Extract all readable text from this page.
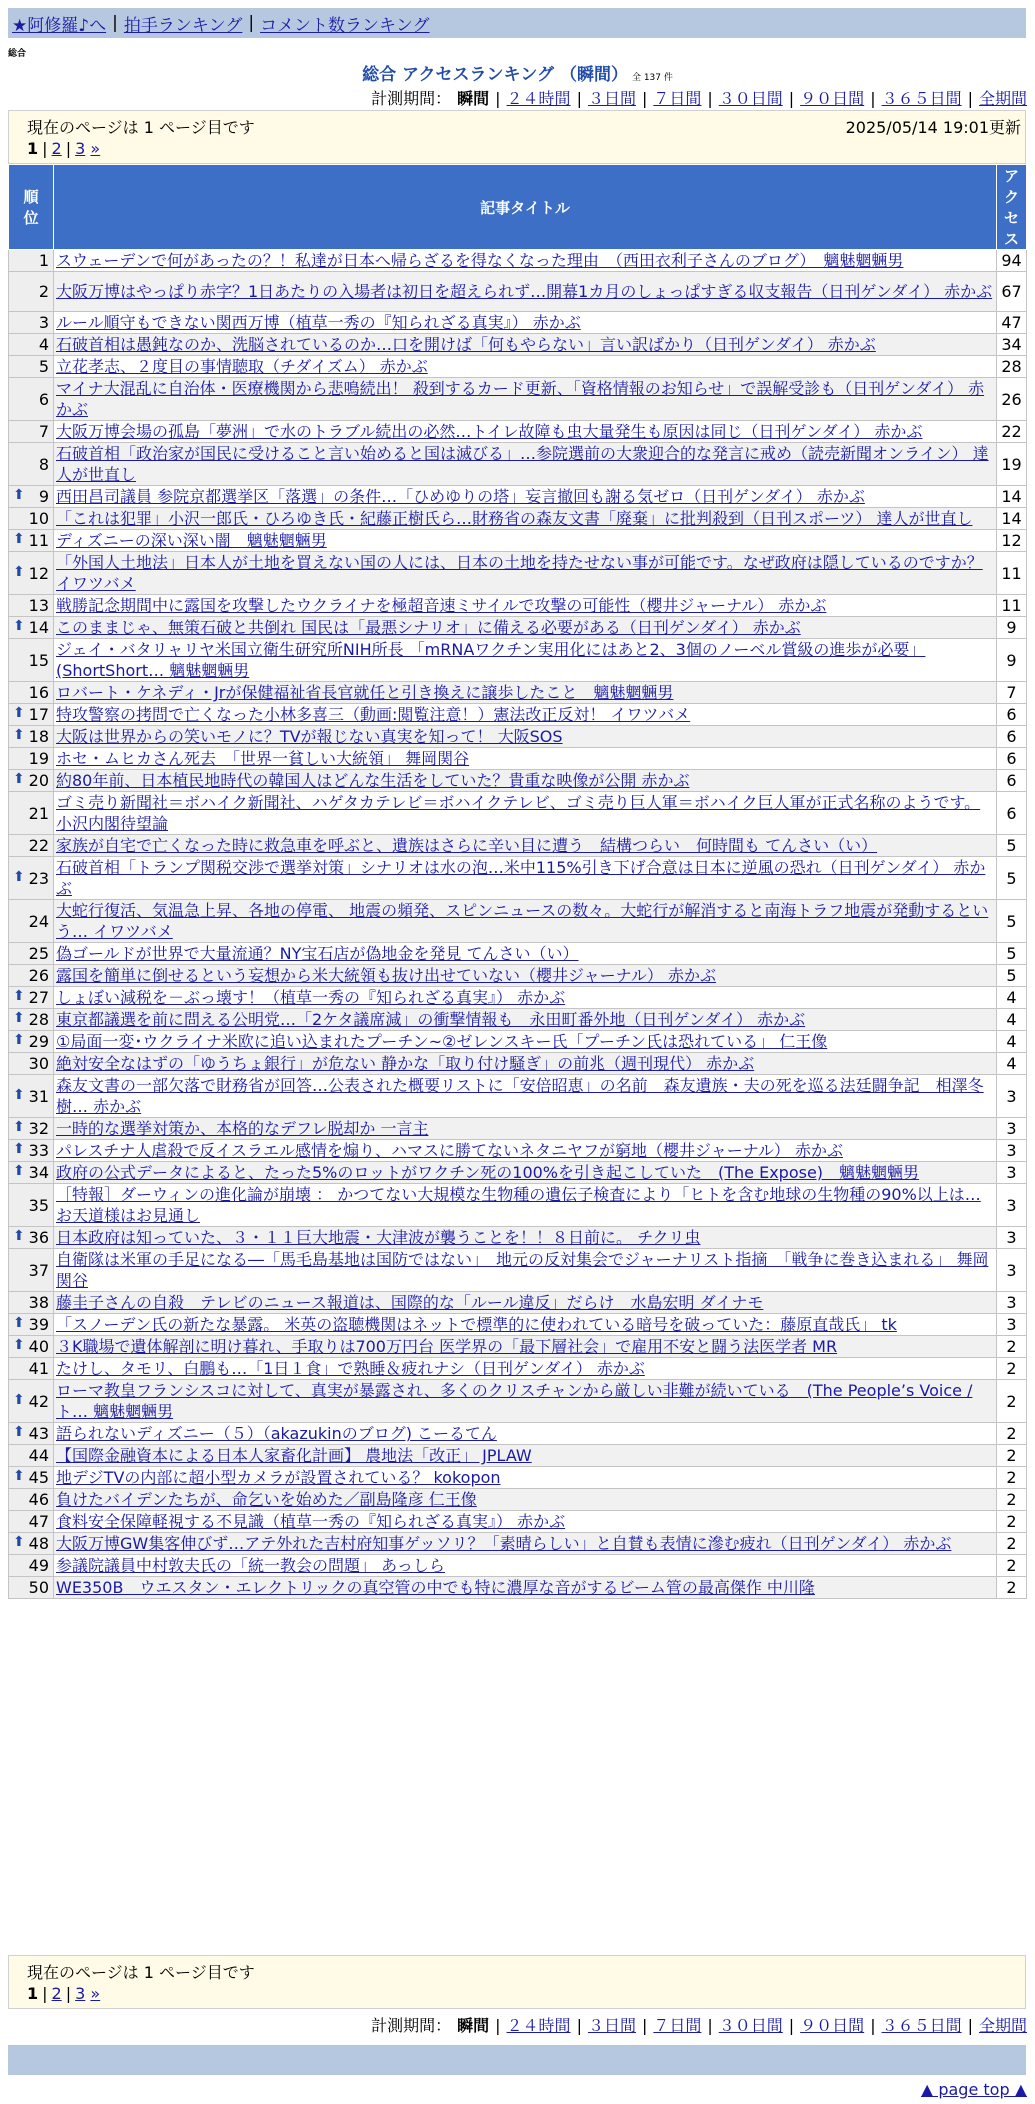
★阿修羅♪へ | 拍手ランキング | コメント数ランキング
総合
総合 アクセスランキング （瞬間） 全 137 件
計測期間： 瞬間 | ２４時間 | ３日間 | ７日間 | ３０日間 | ９０日間 | ３６５日間 | 全期間
現在のページは 1 ページ目です	2025/05/14 19:01更新
1 | 2 | 3 »
順
位	記事タイトル	アク
セス
1	スウェーデンで何があったの？！私達が日本へ帰らざるを得なくなった理由　（西田衣利子さんのブログ）　魑魅魍魎男	94
2	大阪万博はやっぱり赤字？1日あたりの入場者は初日を超えられず…開幕1カ月のしょっぱすぎる収支報告（日刊ゲンダイ） 赤かぶ	67
3	ルール順守もできない関西万博（植草一秀の『知られざる真実』） 赤かぶ	47
4	石破首相は愚鈍なのか、洗脳されているのか…口を開けば「何もやらない」言い訳ばかり（日刊ゲンダイ） 赤かぶ	34
5	立花孝志、２度目の事情聴取（チダイズム） 赤かぶ	28
6	マイナ大混乱に自治体・医療機関から悲鳴続出！ 殺到するカード更新、「資格情報のお知らせ」で誤解受診も（日刊ゲンダイ） 赤かぶ	26
7	大阪万博会場の孤島「夢洲」で水のトラブル続出の必然…トイレ故障も虫大量発生も原因は同じ（日刊ゲンダイ） 赤かぶ	22
8	石破首相「政治家が国民に受けること言い始めると国は滅びる」…参院選前の大衆迎合的な発言に戒め（読売新聞オンライン） 達人が世直し	19

⬆ 9	西田昌司議員 参院京都選挙区「落選」の条件…「ひめゆりの塔」妄言撤回も謝る気ゼロ（日刊ゲンダイ） 赤かぶ	14
10	「これは犯罪」小沢一郎氏・ひろゆき氏・紀藤正樹氏ら…財務省の森友文書「廃棄」に批判殺到（日刊スポーツ） 達人が世直し	14

⬆ 11	ディズニーの深い深い闇　魑魅魍魎男	12

⬆ 12	「外国人土地法」日本人が土地を買えない国の人には、日本の土地を持たせない事が可能です。なぜ政府は隠しているのですか？ イワツバメ	11
13	戦勝記念期間中に露国を攻撃したウクライナを極超音速ミサイルで攻撃の可能性（櫻井ジャーナル） 赤かぶ	11

⬆ 14	このままじゃ、無策石破と共倒れ 国民は「最悪シナリオ」に備える必要がある（日刊ゲンダイ） 赤かぶ	9
15	ジェイ・バタリャリヤ米国立衛生研究所NIH所長 「mRNAワクチン実用化にはあと2、3個のノーベル賞級の進歩が必要」 (ShortShort… 魑魅魍魎男	9
16	ロバート・ケネディ・Jrが保健福祉省長官就任と引き換えに譲歩したこと　魑魅魍魎男	7

⬆ 17	特攻警察の拷問で亡くなった小林多喜三（動画:閲覧注意！）憲法改正反対！ イワツバメ	6

⬆ 18	大阪は世界からの笑いモノに？TVが報じない真実を知って！ 大阪SOS	6
19	ホセ・ムヒカさん死去　「世界一貧しい大統領」 舞岡関谷	6

⬆ 20	約80年前、日本植民地時代の韓国人はどんな生活をしていた？貴重な映像が公開 赤かぶ	6
21	ゴミ売り新聞社＝ボハイク新聞社、ハゲタカテレビ＝ボハイクテレビ、ゴミ売り巨人軍＝ボハイク巨人軍が正式名称のようです。 小沢内閣待望論	6
22	家族が自宅で亡くなった時に救急車を呼ぶと、遺族はさらに辛い目に遭う　結構つらい　何時間も てんさい（い）	5

⬆ 23	石破首相「トランプ関税交渉で選挙対策」シナリオは水の泡…米中115%引き下げ合意は日本に逆風の恐れ（日刊ゲンダイ） 赤かぶ	5
24	大蛇行復活、気温急上昇、各地の停電、 地震の頻発、スピンニュースの数々。大蛇行が解消すると南海トラフ地震が発動するという… イワツバメ	5
25	偽ゴールドが世界で大量流通？NY宝石店が偽地金を発見 てんさい（い）	5
26	露国を簡単に倒せるという妄想から米大統領も抜け出せていない（櫻井ジャーナル） 赤かぶ	5

⬆ 27	しょぼい減税を－ぶっ壊す！（植草一秀の『知られざる真実』） 赤かぶ	4

⬆ 28	東京都議選を前に問える公明党…「2ケタ議席減」の衝撃情報も　永田町番外地（日刊ゲンダイ） 赤かぶ	4

⬆ 29	①局面一変･ウクライナ米欧に追い込まれたプーチン~②ゼレンスキー氏「プーチン氏は恐れている」 仁王像	4
30	絶対安全なはずの「ゆうちょ銀行」が危ない 静かな「取り付け騒ぎ」の前兆（週刊現代） 赤かぶ	4

⬆ 31	森友文書の一部欠落で財務省が回答…公表された概要リストに「安倍昭恵」の名前　森友遺族・夫の死を巡る法廷闘争記　相澤冬樹… 赤かぶ	3

⬆ 32	一時的な選挙対策か、本格的なデフレ脱却か 一言主	3

⬆ 33	パレスチナ人虐殺で反イスラエル感情を煽り、ハマスに勝てないネタニヤフが窮地（櫻井ジャーナル） 赤かぶ	3

⬆ 34	政府の公式データによると、たった5%のロットがワクチン死の100%を引き起こしていた　(The Expose)　魑魅魍魎男	3
35	［特報］ダーウィンの進化論が崩壊 ： かつてない大規模な生物種の遺伝子検査により「ヒトを含む地球の生物種の90%以上は… お天道様はお見通し	3

⬆ 36	日本政府は知っていた、３・１１巨大地震・大津波が襲うことを！！８日前に。 チクリ虫	3
37	自衛隊は米軍の手足になる―「馬毛島基地は国防ではない」　地元の反対集会でジャーナリスト指摘　「戦争に巻き込まれる」 舞岡関谷	3
38	藤圭子さんの自殺　テレビのニュース報道は、国際的な「ルール違反」だらけ　水島宏明 ダイナモ	3

⬆ 39	「スノーデン氏の新たな暴露。 米英の盗聴機関はネットで標準的に使われている暗号を破っていた：藤原直哉氏」 tk	3

⬆ 40	３K職場で遺体解剖に明け暮れ、手取りは700万円台 医学界の「最下層社会」で雇用不安と闘う法医学者 MR	2
41	たけし、タモリ、白鵬も…「1日１食」で熟睡＆疲れナシ（日刊ゲンダイ） 赤かぶ	2

⬆ 42	ローマ教皇フランシスコに対して、真実が暴露され、多くのクリスチャンから厳しい非難が続いている　(The People’s Voice / ト… 魑魅魍魎男	2

⬆ 43	語られないディズニー（５）（akazukinのブログ) こーるてん	2
44	【国際金融資本による日本人家畜化計画】 農地法「改正」 JPLAW	2

⬆ 45	地デジTVの内部に超小型カメラが設置されている？ kokopon	2
46	負けたバイデンたちが、命乞いを始めた／副島隆彦 仁王像	2
47	食料安全保障軽視する不見識（植草一秀の『知られざる真実』） 赤かぶ	2

⬆ 48	大阪万博GW集客伸びず…アテ外れた吉村府知事ゲッソリ？「素晴らしい」と自賛も表情に滲む疲れ（日刊ゲンダイ） 赤かぶ	2
49	参議院議員中村敦夫氏の「統一教会の問題」 あっしら	2
50	WE350B　ウエスタン・エレクトリックの真空管の中でも特に濃厚な音がするビーム管の最高傑作 中川隆	2
現在のページは 1 ページ目です
1 | 2 | 3 »
計測期間： 瞬間 | ２４時間 | ３日間 | ７日間 | ３０日間 | ９０日間 | ３６５日間 | 全期間
▲ page top ▲
